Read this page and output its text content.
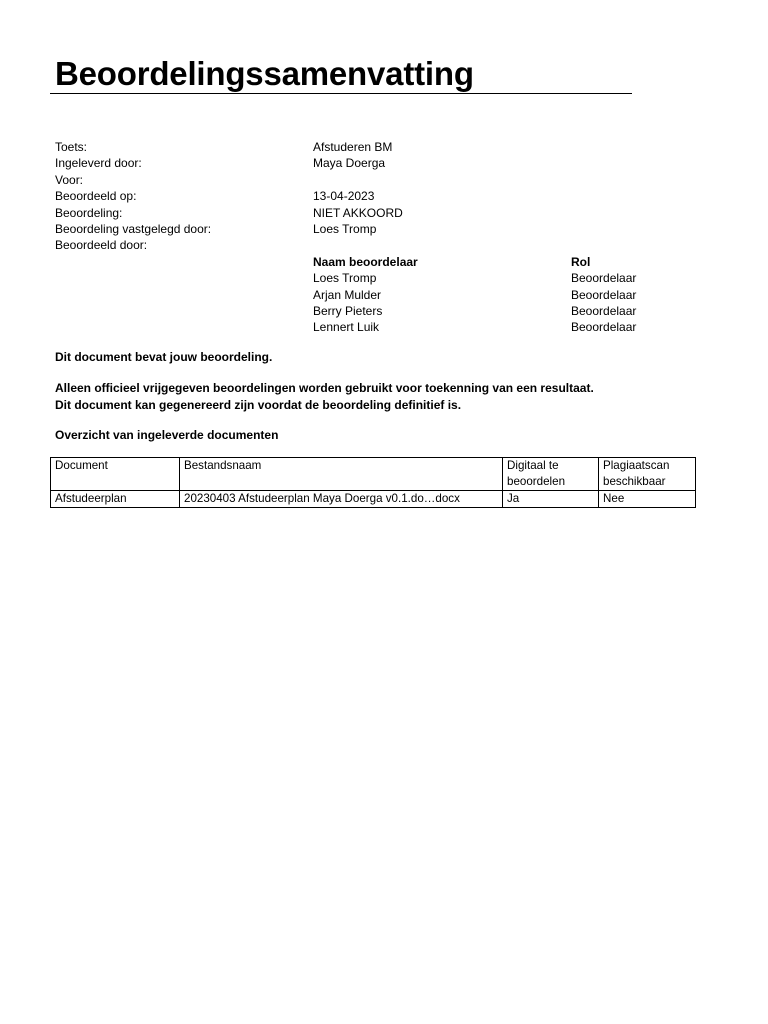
Beoordelingssamenvatting
Toets:	Afstuderen BM
Ingeleverd door:	Maya Doerga
Voor:
Beoordeeld op:	13-04-2023
Beoordeling:	NIET AKKOORD
Beoordeling vastgelegd door:	Loes Tromp
Beoordeeld door:
Naam beoordelaar	Rol
Loes Tromp	Beoordelaar
Arjan Mulder	Beoordelaar
Berry Pieters	Beoordelaar
Lennert Luik	Beoordelaar
Dit document bevat jouw beoordeling.
Alleen officieel vrijgegeven beoordelingen worden gebruikt voor toekenning van een resultaat.
Dit document kan gegenereerd zijn voordat de beoordeling definitief is.
Overzicht van ingeleverde documenten
Document	Bestandsnaam	Digitaal te beoordelen	Plagiaatscan beschikbaar
Afstudeerplan	20230403 Afstudeerplan Maya Doerga v0.1.do…docx	Ja	Nee
